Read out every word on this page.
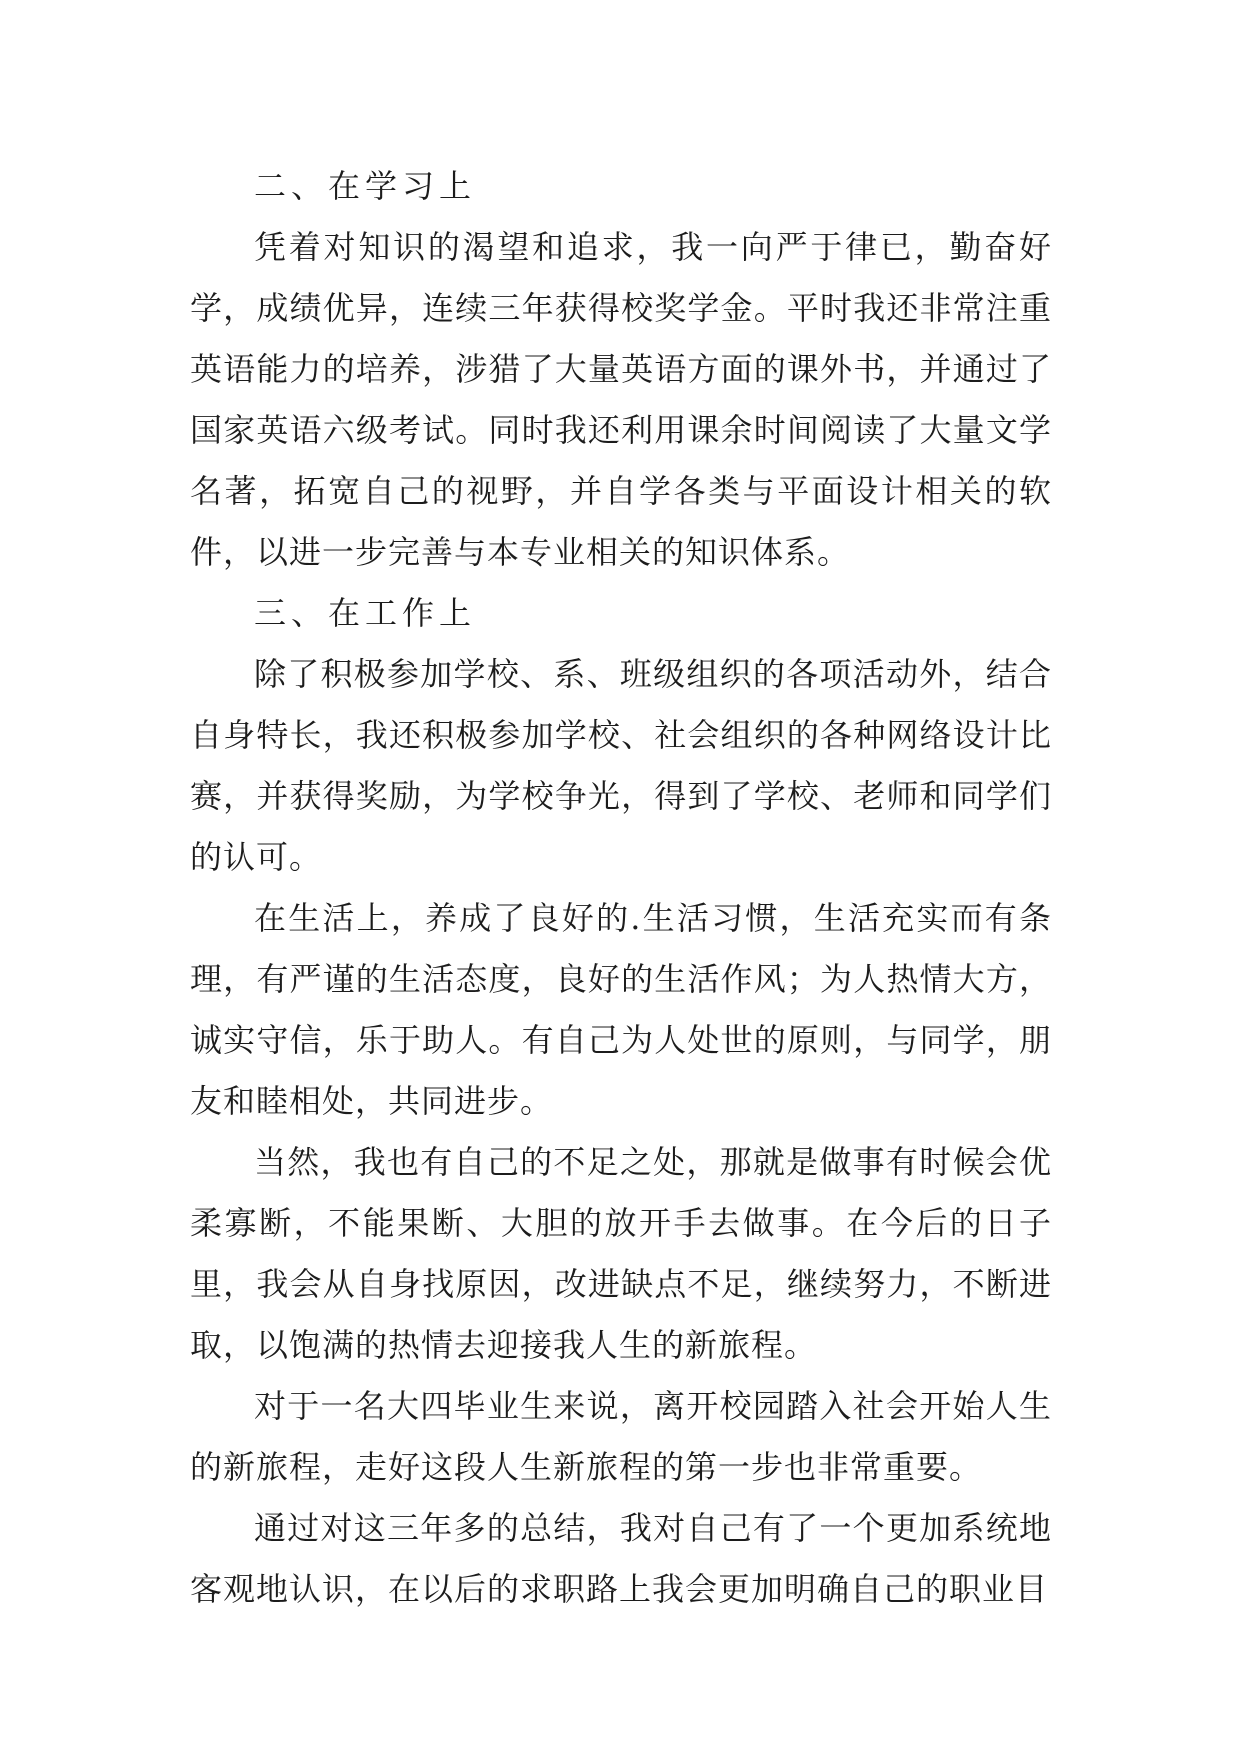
二、在学习上

凭着对知识的渴望和追求，我一向严于律已，勤奋好学，成绩优异，连续三年获得校奖学金。平时我还非常注重英语能力的培养，涉猎了大量英语方面的课外书，并通过了国家英语六级考试。同时我还利用课余时间阅读了大量文学名著，拓宽自己的视野，并自学各类与平面设计相关的软件，以进一步完善与本专业相关的知识体系。

三、在工作上

除了积极参加学校、系、班级组织的各项活动外，结合自身特长，我还积极参加学校、社会组织的各种网络设计比赛，并获得奖励，为学校争光，得到了学校、老师和同学们的认可。

在生活上，养成了良好的.生活习惯，生活充实而有条理，有严谨的生活态度，良好的生活作风；为人热情大方，诚实守信，乐于助人。有自己为人处世的原则，与同学，朋友和睦相处，共同进步。

当然，我也有自己的不足之处，那就是做事有时候会优柔寡断，不能果断、大胆的放开手去做事。在今后的日子里，我会从自身找原因，改进缺点不足，继续努力，不断进取，以饱满的热情去迎接我人生的新旅程。

对于一名大四毕业生来说，离开校园踏入社会开始人生的新旅程，走好这段人生新旅程的第一步也非常重要。

通过对这三年多的总结，我对自己有了一个更加系统地客观地认识，在以后的求职路上我会更加明确自己的职业目
